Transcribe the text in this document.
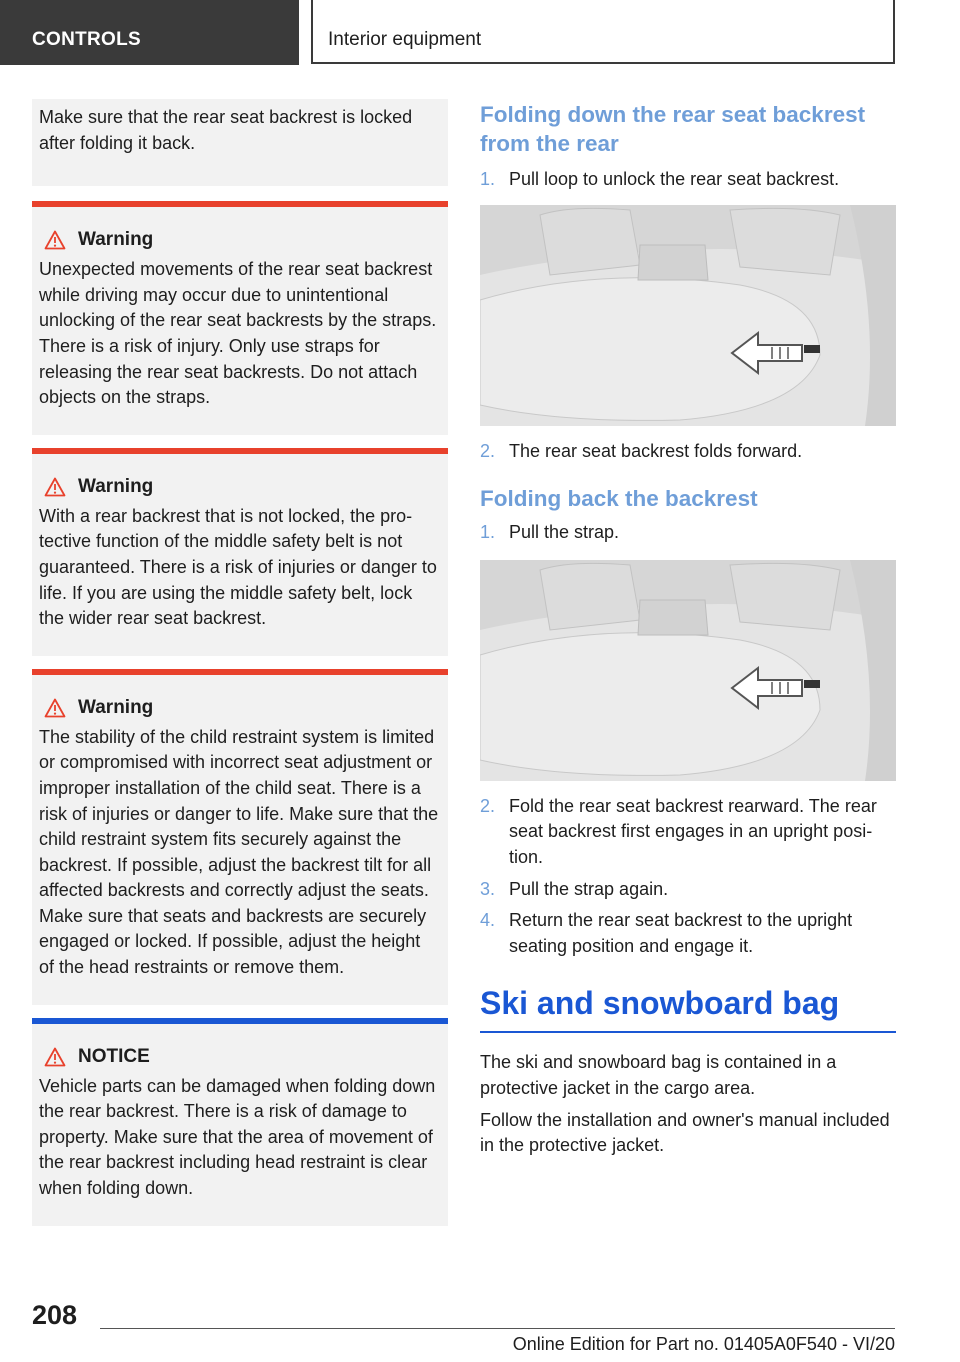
CONTROLS	Interior equipment

Make sure that the rear seat backrest is locked after folding it back.

Warning

Unexpected movements of the rear seat backrest while driving may occur due to unintentional unlocking of the rear seat backrests by the straps. There is a risk of injury. Only use straps for releasing the rear seat backrests. Do not attach objects on the straps.

Warning

With a rear backrest that is not locked, the protective function of the middle safety belt is not guaranteed. There is a risk of injuries or danger to life. If you are using the middle safety belt, lock the wider rear seat backrest.

Warning

The stability of the child restraint system is limited or compromised with incorrect seat adjustment or improper installation of the child seat. There is a risk of injuries or danger to life. Make sure that the child restraint system fits securely against the backrest. If possible, adjust the backrest tilt for all affected backrests and correctly adjust the seats. Make sure that seats and backrests are securely engaged or locked. If possible, adjust the height of the head restraints or remove them.

NOTICE

Vehicle parts can be damaged when folding down the rear backrest. There is a risk of damage to property. Make sure that the area of movement of the rear backrest including head restraint is clear when folding down.

Folding down the rear seat backrest from the rear
1. Pull loop to unlock the rear seat backrest.
2. The rear seat backrest folds forward.
Folding back the backrest
1. Pull the strap.
2. Fold the rear seat backrest rearward. The rear seat backrest first engages in an upright position.
3. Pull the strap again.
4. Return the rear seat backrest to the upright seating position and engage it.
Ski and snowboard bag

The ski and snowboard bag is contained in a protective jacket in the cargo area.

Follow the installation and owner's manual included in the protective jacket.

208
Online Edition for Part no. 01405A0F540 - VI/20
